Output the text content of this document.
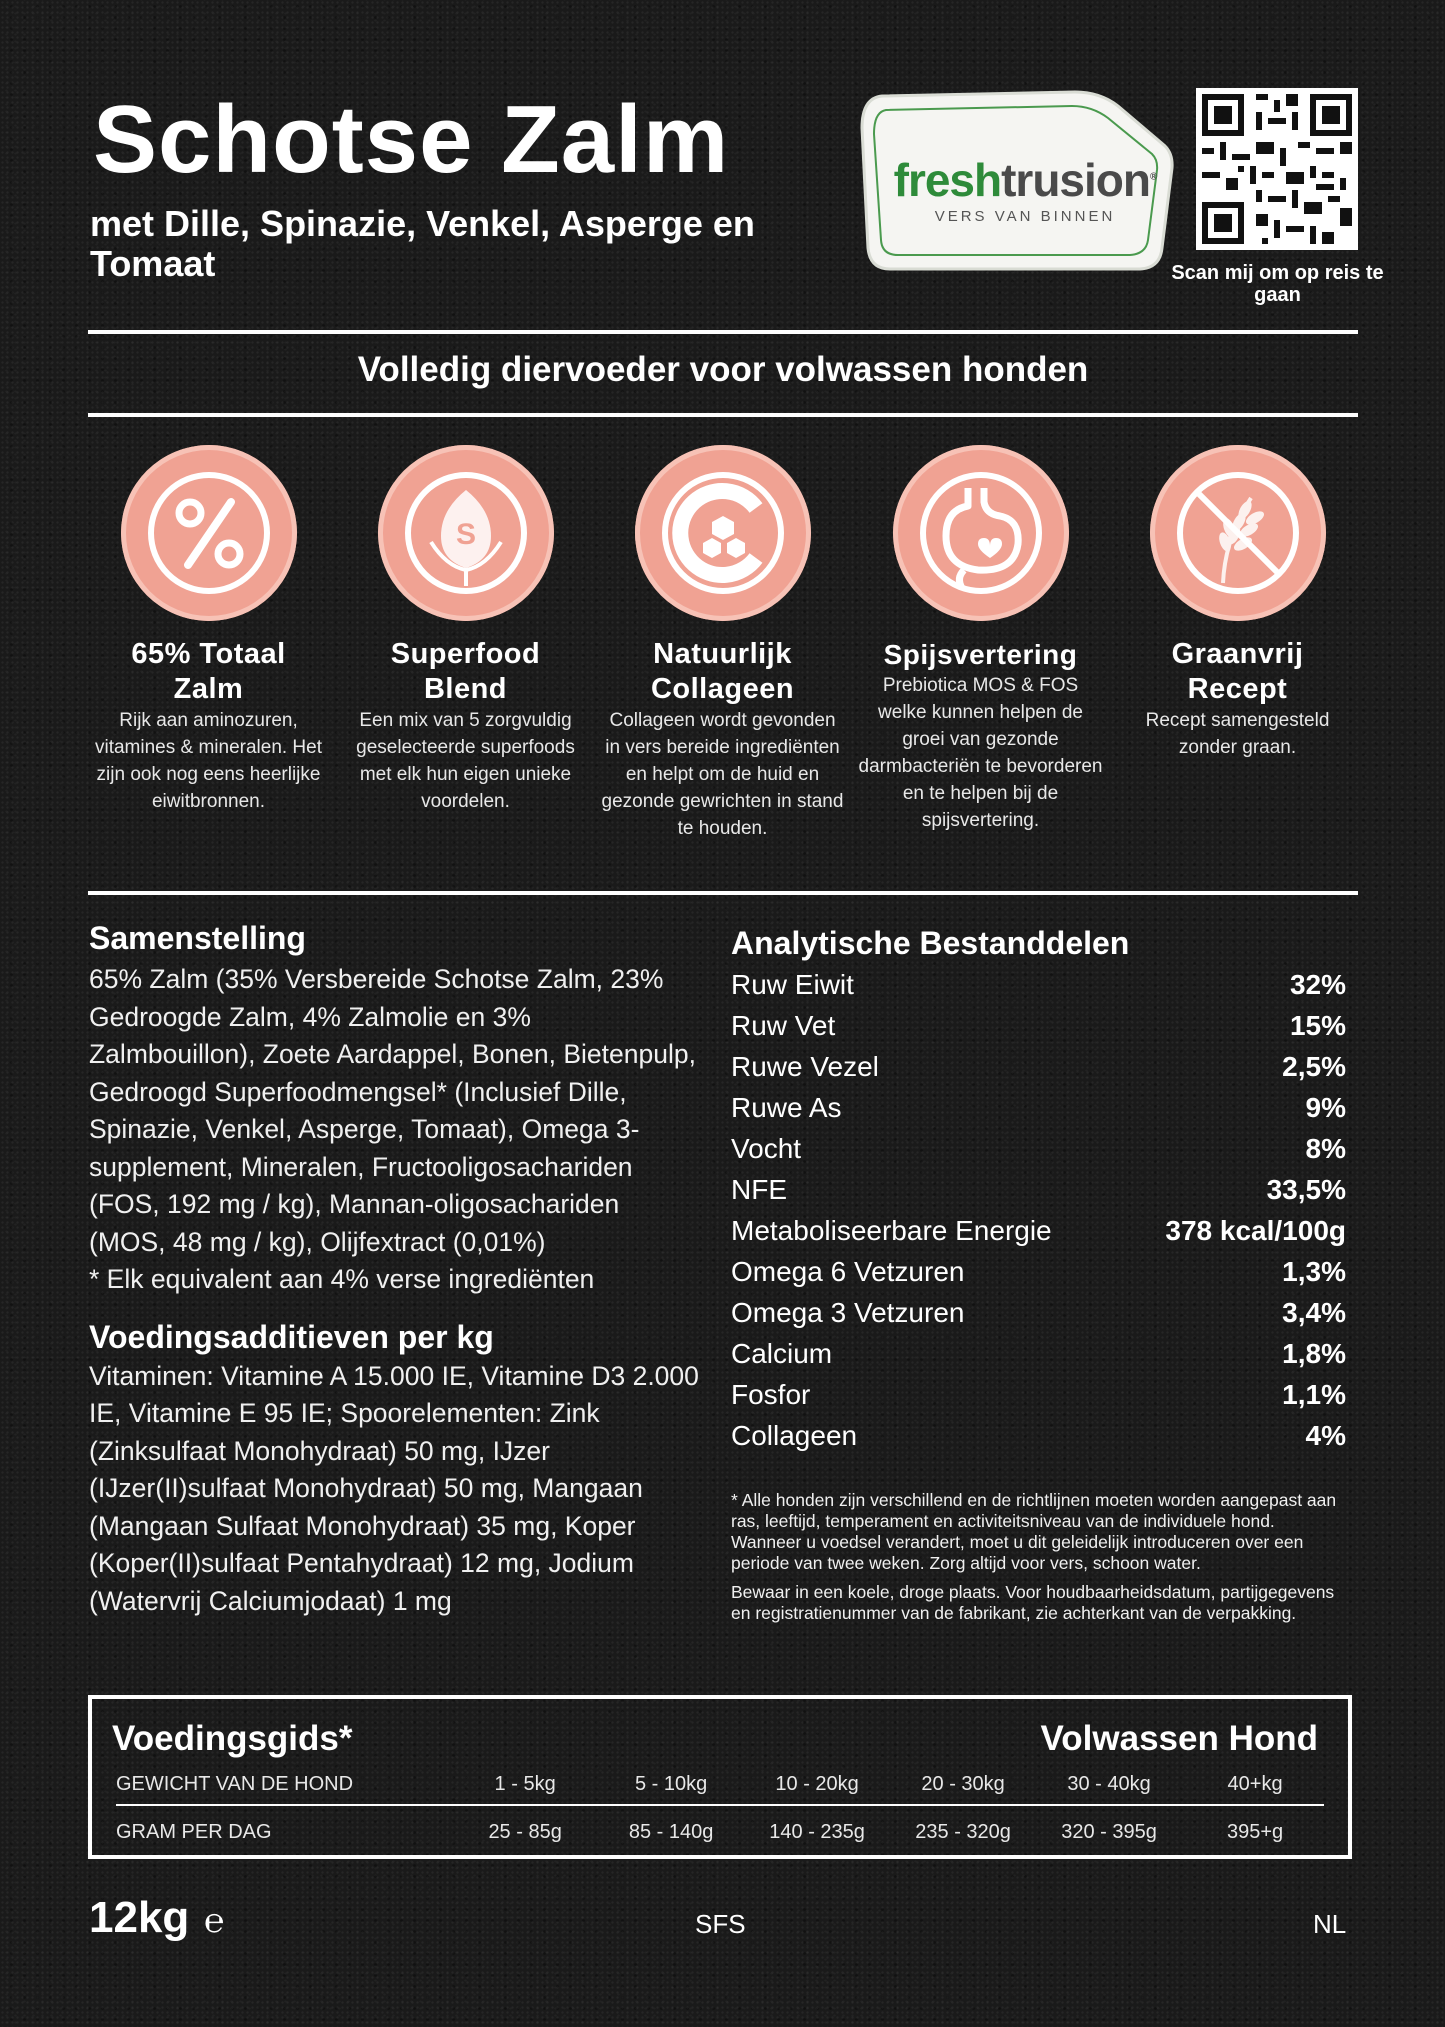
Schotse Zalm
met Dille, Spinazie, Venkel, Asperge en Tomaat
freshtrusion®
VERS VAN BINNEN
Scan mij om op reis te gaan
Volledig diervoeder voor volwassen honden
65% Totaal
Zalm
Rijk aan aminozuren, vitamines & mineralen. Het zijn ook nog eens heerlijke eiwitbronnen.
S
Superfood
Blend
Een mix van 5 zorgvuldig geselecteerde superfoods met elk hun eigen unieke voordelen.
Natuurlijk
Collageen
Collageen wordt gevonden in vers bereide ingrediënten en helpt om de huid en gezonde gewrichten in stand te houden.
Spijsvertering
Prebiotica MOS & FOS welke kunnen helpen de groei van gezonde darmbacteriën te bevorderen en te helpen bij de spijsvertering.
Graanvrij
Recept
Recept samengesteld zonder graan.
Samenstelling
65% Zalm (35% Versbereide Schotse Zalm, 23% Gedroogde Zalm, 4% Zalmolie en 3% Zalmbouillon), Zoete Aardappel, Bonen, Bietenpulp, Gedroogd Superfoodmengsel* (Inclusief Dille, Spinazie, Venkel, Asperge, Tomaat), Omega 3-supplement, Mineralen, Fructooligosachariden (FOS, 192 mg / kg), Mannan-oligosachariden (MOS, 48 mg / kg), Olijfextract (0,01%)
* Elk equivalent aan 4% verse ingrediënten
Voedingsadditieven per kg
Vitaminen: Vitamine A 15.000 IE, Vitamine D3 2.000 IE, Vitamine E 95 IE; Spoorelementen: Zink (Zinksulfaat Monohydraat) 50 mg, IJzer (IJzer(II)sulfaat Monohydraat) 50 mg, Mangaan (Mangaan Sulfaat Monohydraat) 35 mg, Koper (Koper(II)sulfaat Pentahydraat) 12 mg, Jodium (Watervrij Calciumjodaat) 1 mg
Analytische Bestanddelen
Ruw Eiwit	32%
Ruw Vet	15%
Ruwe Vezel	2,5%
Ruwe As	9%
Vocht	8%
NFE	33,5%
Metaboliseerbare Energie	378 kcal/100g
Omega 6 Vetzuren	1,3%
Omega 3 Vetzuren	3,4%
Calcium	1,8%
Fosfor	1,1%
Collageen	4%
* Alle honden zijn verschillend en de richtlijnen moeten worden aangepast aan ras, leeftijd, temperament en activiteitsniveau van de individuele hond. Wanneer u voedsel verandert, moet u dit geleidelijk introduceren over een periode van twee weken. Zorg altijd voor vers, schoon water.
Bewaar in een koele, droge plaats. Voor houdbaarheidsdatum, partijgegevens en registratienummer van de fabrikant, zie achterkant van de verpakking.
Voedingsgids*	Volwassen Hond
GEWICHT VAN DE HOND	1 - 5kg	5 - 10kg	10 - 20kg	20 - 30kg	30 - 40kg	40+kg
GRAM PER DAG	25 - 85g	85 - 140g	140 - 235g	235 - 320g	320 - 395g	395+g
12kg ℮	SFS	NL
